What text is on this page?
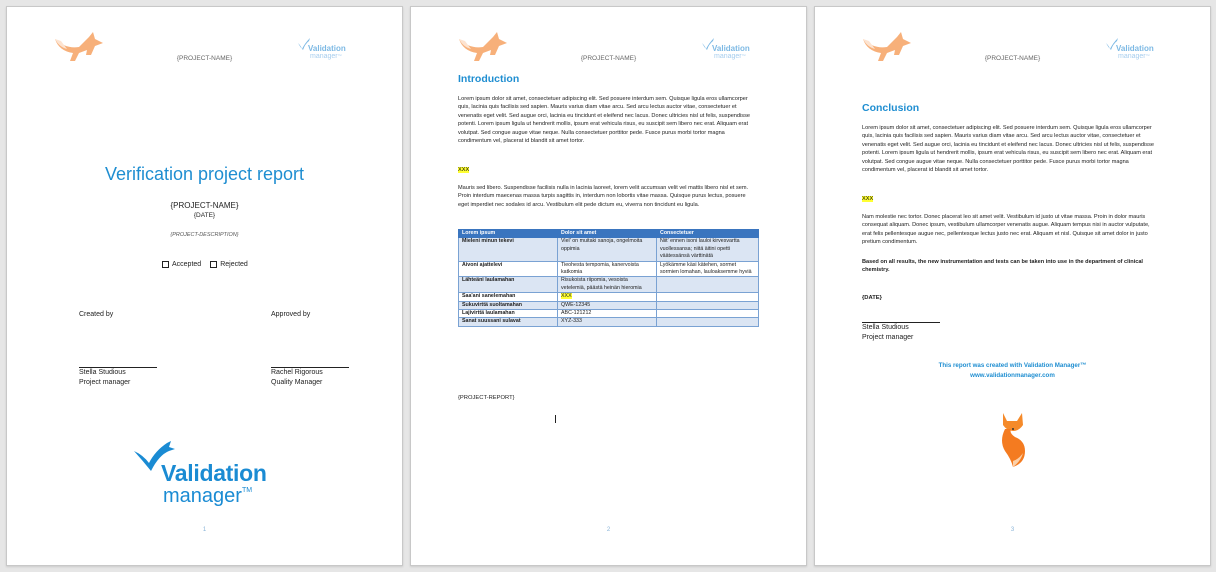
{PROJECT-NAME}
Validation
manager™
Verification project report
{PROJECT-NAME}
{DATE}
{PROJECT-DESCRIPTION}
Accepted	Rejected
Created by	Approved by
Stella Studious
Project manager
Rachel Rigorous
Quality Manager
Validation
manager™
1
{PROJECT-NAME}
Validation
manager™
Introduction
Lorem ipsum dolor sit amet, consectetuer adipiscing elit. Sed posuere interdum sem. Quisque ligula eros ullamcorper quis, lacinia quis facilisis sed sapien. Mauris varius diam vitae arcu. Sed arcu lectus auctor vitae, consectetuer et venenatis eget velit. Sed augue orci, lacinia eu tincidunt et eleifend nec lacus. Donec ultricies nisl ut felis, suspendisse potenti. Lorem ipsum ligula ut hendrerit mollis, ipsum erat vehicula risus, eu suscipit sem libero nec erat. Aliquam erat volutpat. Sed congue augue vitae neque. Nulla consectetuer porttitor pede. Fusce purus morbi tortor magna condimentum vel, placerat id blandit sit amet tortor.
XXX
Mauris sed libero. Suspendisse facilisis nulla in lacinia laoreet, lorem velit accumsan velit vel mattis libero nisl et sem. Proin interdum maecenas massa turpis sagittis in, interdum non lobortis vitae massa. Quisque purus lectus, posuere eget imperdiet nec sodales id arcu. Vestibulum elit pede dictum eu, viverra non tincidunt eu ligula.
Lorem ipsum	Dolor sit amet	Consectetuer
Mieleni minun tekevi	Viel' on muitaki sanoja, ongelmoita oppimia	Niit' ennen isoni lauloi kirvesvartta vuollessansa; niitä äitini opetti väätessänsä värttinätä
Aivoni ajattelevi	Tieohesta tempomia, kanervoista katkomia	Lyökämme käsi kätehen, sormet sormien lomahan, lauloaksemme hyviä
Lähteäni laulamahan	Risukoista riipomia, vesoista vetelemiä, päästä heinän hieromia	
Saa'ani sanelemahan	XXX	
Sukuvirttä suoltamahan	QWE-12345	
Lajivirttä laulamahan	ABC-121212	
Sanat suussani sulavat	XYZ-333	
{PROJECT-REPORT}
2
{PROJECT-NAME}
Validation
manager™
Conclusion
Lorem ipsum dolor sit amet, consectetuer adipiscing elit. Sed posuere interdum sem. Quisque ligula eros ullamcorper quis, lacinia quis facilisis sed sapien. Mauris varius diam vitae arcu. Sed arcu lectus auctor vitae, consectetuer et venenatis eget velit. Sed augue orci, lacinia eu tincidunt et eleifend nec lacus. Donec ultricies nisl ut felis, suspendisse potenti. Lorem ipsum ligula ut hendrerit mollis, ipsum erat vehicula risus, eu suscipit sem libero nec erat. Aliquam erat volutpat. Sed congue augue vitae neque. Nulla consectetuer porttitor pede. Fusce purus morbi tortor magna condimentum vel, placerat id blandit sit amet tortor.
XXX
Nam molestie nec tortor. Donec placerat leo sit amet velit. Vestibulum id justo ut vitae massa. Proin in dolor mauris consequat aliquam. Donec ipsum, vestibulum ullamcorper venenatis augue. Aliquam tempus nisi in auctor vulputate, erat felis pellentesque augue nec, pellentesque lectus justo nec erat. Aliquam et nisl. Quisque sit amet dolor in justo pretium condimentum.
Based on all results, the new instrumentation and tests can be taken into use in the department of clinical chemistry.
{DATE}
Stella Studious
Project manager
This report was created with Validation Manager™
www.validationmanager.com
3
